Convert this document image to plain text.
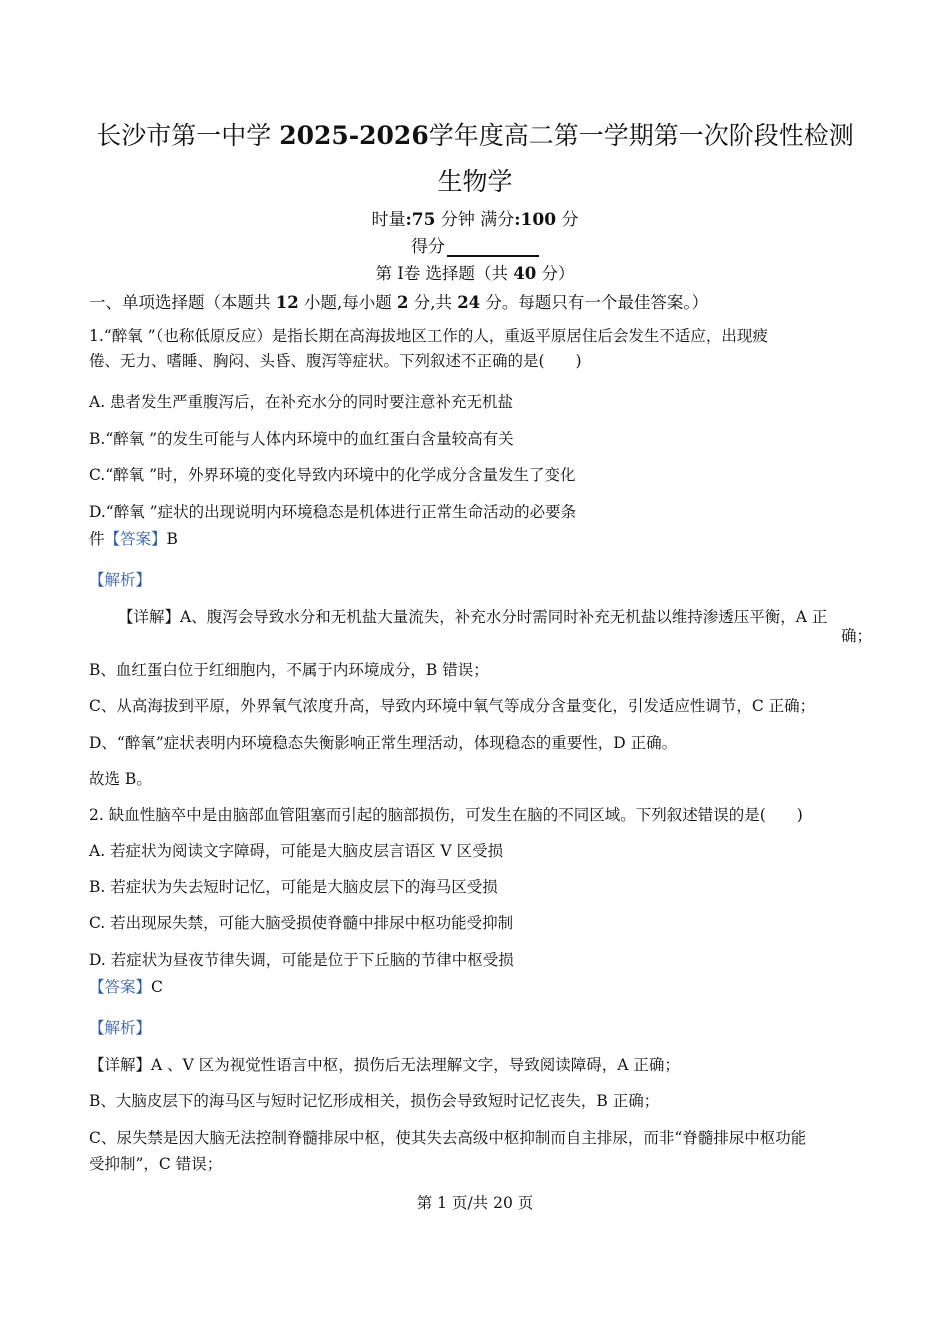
长沙市第一中学 2025-2026学年度高二第一学期第一次阶段性检测
生物学
时量:75 分钟 满分:100 分
得分
第 Ⅰ卷 选择题（共 40 分）
一、单项选择题（本题共 12 小题,每小题 2 分,共 24 分。每题只有一个最佳答案。）
1.“醉氧 ”（也称低原反应）是指长期在高海拔地区工作的人，重返平原居住后会发生不适应，出现疲
倦、无力、嗜睡、胸闷、头昏、腹泻等症状。下列叙述不正确的是(　　)
A. 患者发生严重腹泻后，在补充水分的同时要注意补充无机盐
B.“醉氧 ”的发生可能与人体内环境中的血红蛋白含量较高有关
C.“醉氧 ”时，外界环境的变化导致内环境中的化学成分含量发生了变化
D.“醉氧 ”症状的出现说明内环境稳态是机体进行正常生命活动的必要条
件【答案】B
【解析】
【详解】A、腹泻会导致水分和无机盐大量流失，补充水分时需同时补充无机盐以维持渗透压平衡，A 正
确；
B、血红蛋白位于红细胞内，不属于内环境成分，B 错误；
C、从高海拔到平原，外界氧气浓度升高，导致内环境中氧气等成分含量变化，引发适应性调节，C 正确；
D、“醉氧”症状表明内环境稳态失衡影响正常生理活动，体现稳态的重要性，D 正确。
故选 B。
2. 缺血性脑卒中是由脑部血管阻塞而引起的脑部损伤，可发生在脑的不同区域。下列叙述错误的是(　　)
A. 若症状为阅读文字障碍，可能是大脑皮层言语区 V 区受损
B. 若症状为失去短时记忆，可能是大脑皮层下的海马区受损
C. 若出现尿失禁，可能大脑受损使脊髓中排尿中枢功能受抑制
D. 若症状为昼夜节律失调，可能是位于下丘脑的节律中枢受损
【答案】C
【解析】
【详解】A 、V 区为视觉性语言中枢，损伤后无法理解文字，导致阅读障碍，A 正确；
B、大脑皮层下的海马区与短时记忆形成相关，损伤会导致短时记忆丧失，B 正确；
C、尿失禁是因大脑无法控制脊髓排尿中枢，使其失去高级中枢抑制而自主排尿，而非“脊髓排尿中枢功能
受抑制”，C 错误；
第 1 页/共 20 页
